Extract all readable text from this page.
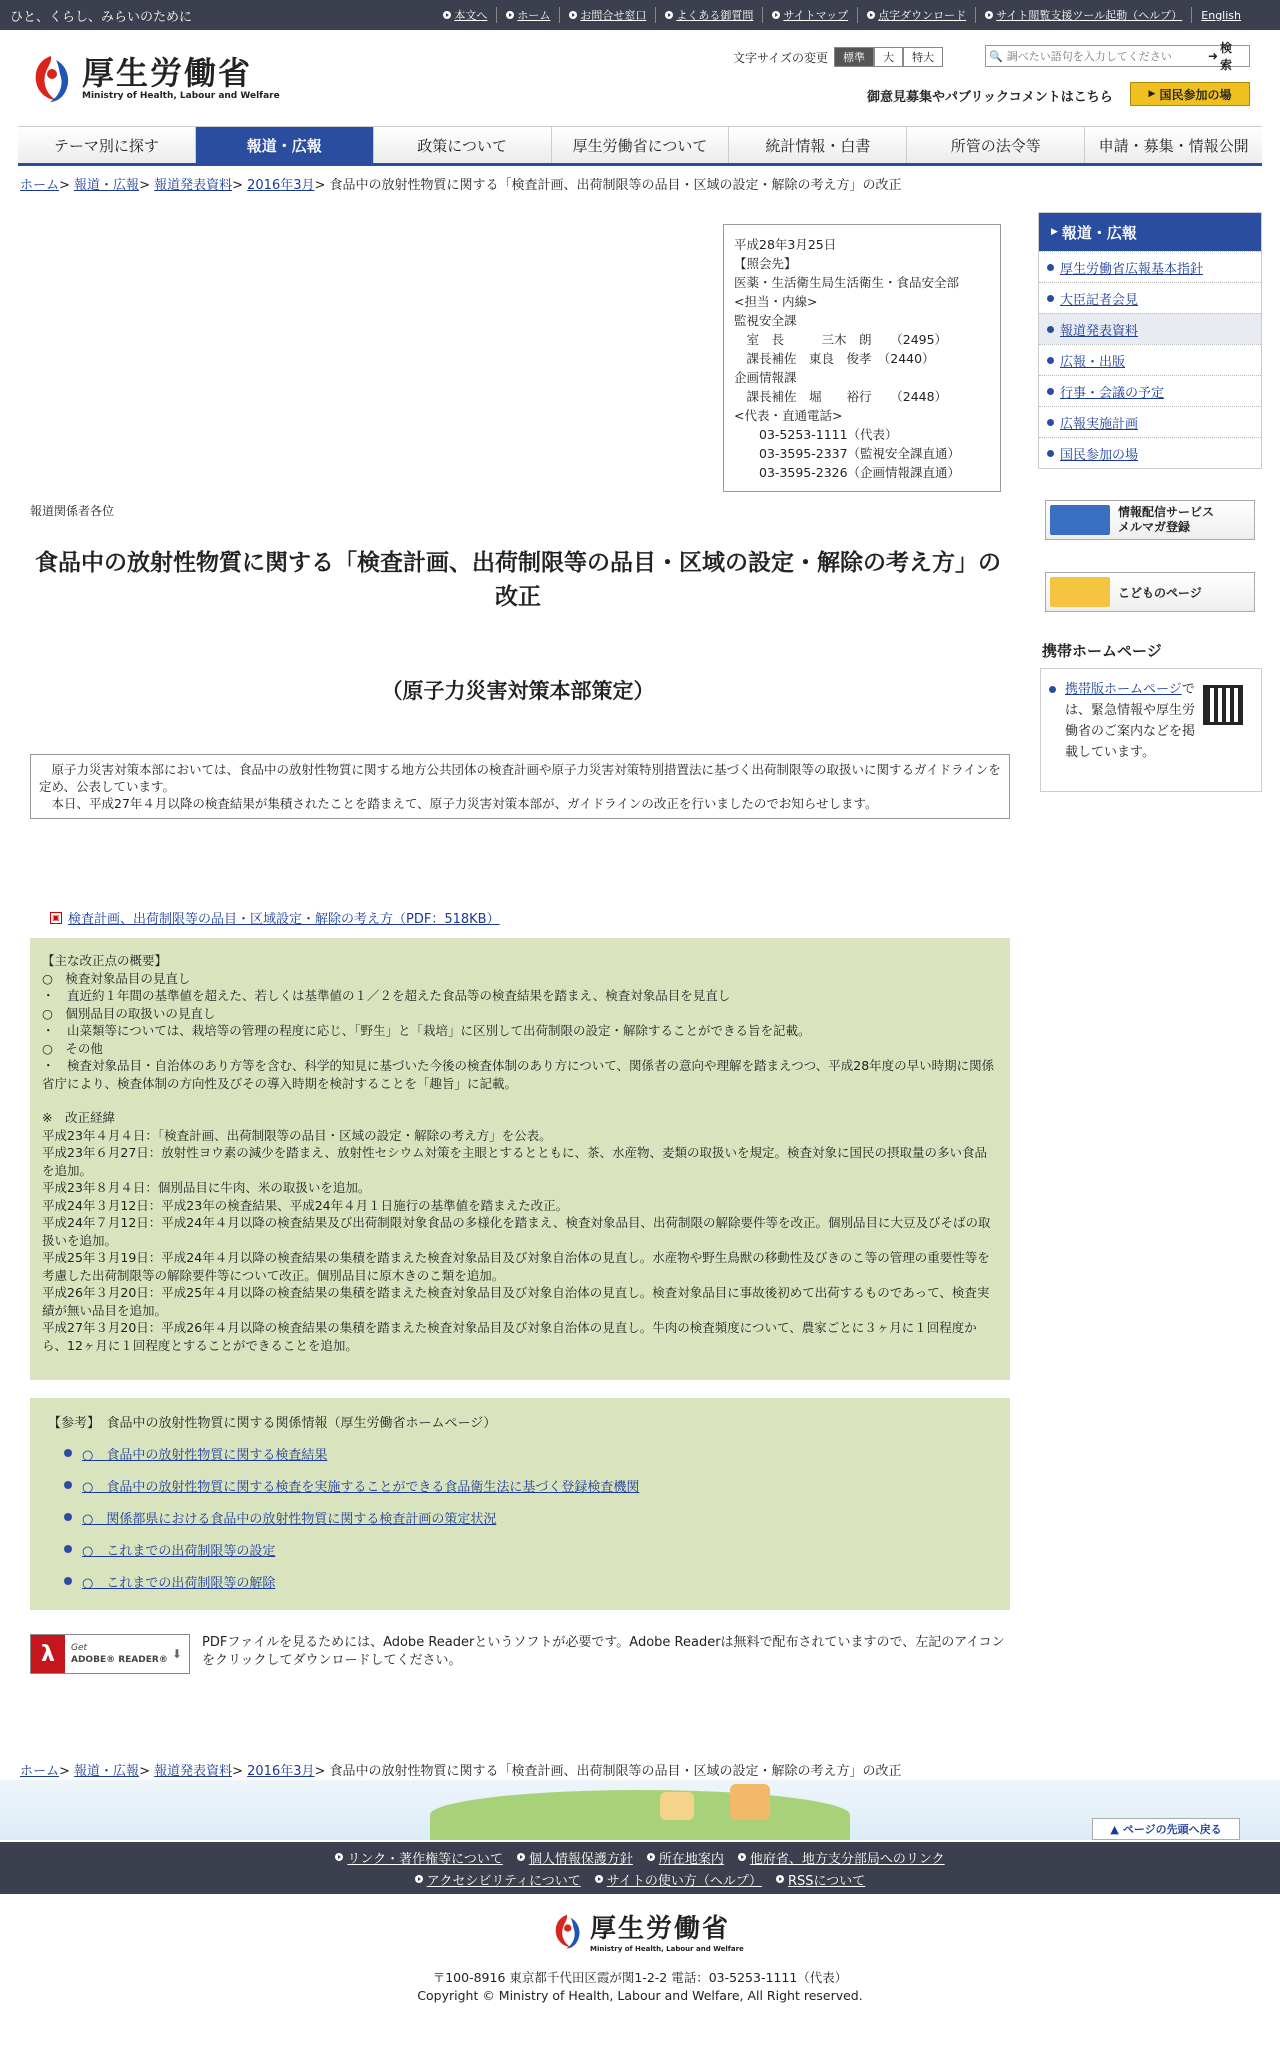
ひと、くらし、みらいのために	本文へ	ホーム	お問合せ窓口	よくある御質問	サイトマップ	点字ダウンロード	サイト閲覧支援ツール起動（ヘルプ） English
厚生労働省
Ministry of Health, Labour and Welfare
文字サイズの変更	標準	大	特大	🔍
調べたい語句を入力してください	➜
検索
御意見募集やパブリックコメントはこちら	▶ 国民参加の場
テーマ別に探す	報道・広報	政策について	厚生労働省について	統計情報・白書	所管の法令等	申請・募集・情報公開
ホーム> 報道・広報> 報道発表資料> 2016年3月> 食品中の放射性物質に関する「検査計画、出荷制限等の品目・区域の設定・解除の考え方」の改正
平成28年3月25日
【照会先】
医薬・生活衛生局生活衛生・食品安全部
<担当・内線>
監視安全課
　室　長　　　三木　朗　　（2495）
　課長補佐　東良　俊孝　（2440）
企画情報課
　課長補佐　堀　　裕行　　（2448）
<代表・直通電話>
　　03-5253-1111（代表）
　　03-3595-2337（監視安全課直通）
　　03-3595-2326（企画情報課直通）
報道関係者各位
食品中の放射性物質に関する「検査計画、出荷制限等の品目・区域の設定・解除の考え方」の改正
（原子力災害対策本部策定）

原子力災害対策本部においては、食品中の放射性物質に関する地方公共団体の検査計画や原子力災害対策特別措置法に基づく出荷制限等の取扱いに関するガイドラインを定め、公表しています。

本日、平成27年４月以降の検査結果が集積されたことを踏まえて、原子力災害対策本部が、ガイドラインの改正を行いましたのでお知らせします。

▣ 検査計画、出荷制限等の品目・区域設定・解除の考え方（PDF：518KB）
【主な改正点の概要】
○　検査対象品目の見直し
・　直近約１年間の基準値を超えた、若しくは基準値の１／２を超えた食品等の検査結果を踏まえ、検査対象品目を見直し
○　個別品目の取扱いの見直し
・　山菜類等については、栽培等の管理の程度に応じ、「野生」と「栽培」に区別して出荷制限の設定・解除することができる旨を記載。
○　その他
・　検査対象品目・自治体のあり方等を含む、科学的知見に基づいた今後の検査体制のあり方について、関係者の意向や理解を踏まえつつ、平成28年度の早い時期に関係省庁により、検査体制の方向性及びその導入時期を検討することを「趣旨」に記載。
※　改正経緯
平成23年４月４日：「検査計画、出荷制限等の品目・区域の設定・解除の考え方」を公表。
平成23年６月27日：放射性ヨウ素の減少を踏まえ、放射性セシウム対策を主眼とするとともに、茶、水産物、麦類の取扱いを規定。検査対象に国民の摂取量の多い食品を追加。
平成23年８月４日：個別品目に牛肉、米の取扱いを追加。
平成24年３月12日：平成23年の検査結果、平成24年４月１日施行の基準値を踏まえた改正。
平成24年７月12日：平成24年４月以降の検査結果及び出荷制限対象食品の多様化を踏まえ、検査対象品目、出荷制限の解除要件等を改正。個別品目に大豆及びそばの取扱いを追加。
平成25年３月19日：平成24年４月以降の検査結果の集積を踏まえた検査対象品目及び対象自治体の見直し。水産物や野生鳥獣の移動性及びきのこ等の管理の重要性等を考慮した出荷制限等の解除要件等について改正。個別品目に原木きのこ類を追加。
平成26年３月20日：平成25年４月以降の検査結果の集積を踏まえた検査対象品目及び対象自治体の見直し。検査対象品目に事故後初めて出荷するものであって、検査実績が無い品目を追加。
平成27年３月20日：平成26年４月以降の検査結果の集積を踏まえた検査対象品目及び対象自治体の見直し。牛肉の検査頻度について、農家ごとに３ヶ月に１回程度から、12ヶ月に１回程度とすることができることを追加。
【参考】　食品中の放射性物質に関する関係情報（厚生労働省ホームページ）
○　食品中の放射性物質に関する検査結果
○　食品中の放射性物質に関する検査を実施することができる食品衛生法に基づく登録検査機関
○　関係都県における食品中の放射性物質に関する検査計画の策定状況
○　これまでの出荷制限等の設定
○　これまでの出荷制限等の解除
λ	Get
ADOBE® READER® ⬇
PDFファイルを見るためには、Adobe Readerというソフトが必要です。Adobe Readerは無料で配布されていますので、左記のアイコンをクリックしてダウンロードしてください。
▶ 報道・広報
厚生労働省広報基本指針
大臣記者会見
報道発表資料
広報・出版
行事・会議の予定
広報実施計画
国民参加の場
情報配信サービス
メルマガ登録
こどものページ
携帯ホームページ
携帯版ホームページでは、緊急情報や厚生労働省のご案内などを掲載しています。
ホーム> 報道・広報> 報道発表資料> 2016年3月> 食品中の放射性物質に関する「検査計画、出荷制限等の品目・区域の設定・解除の考え方」の改正
▲ ページの先頭へ戻る
リンク・著作権等について 個人情報保護方針 所在地案内 他府省、地方支分部局へのリンク
アクセシビリティについて サイトの使い方（ヘルプ） RSSについて
厚生労働省
Ministry of Health, Labour and Welfare
〒100-8916 東京都千代田区霞が関1-2-2 電話：03-5253-1111（代表）
Copyright © Ministry of Health, Labour and Welfare, All Right reserved.
